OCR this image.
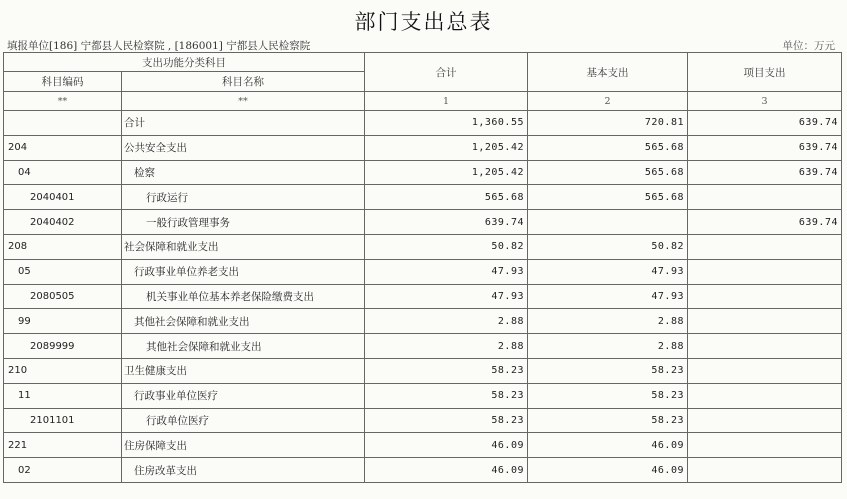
部门支出总表
填报单位[186] 宁都县人民检察院 , [186001] 宁都县人民检察院	单位：万元
支出功能分类科目		合计	基本支出	项目支出
科目编码	科目名称			
**	**	1	2	3
	合计	1,360.55	720.81	639.74
204	公共安全支出	1,205.42	565.68	639.74
04	检察	1,205.42	565.68	639.74
2040401	行政运行	565.68	565.68	
2040402	一般行政管理事务	639.74		639.74
208	社会保障和就业支出	50.82	50.82	
05	行政事业单位养老支出	47.93	47.93	
2080505	机关事业单位基本养老保险缴费支出	47.93	47.93	
99	其他社会保障和就业支出	2.88	2.88	
2089999	其他社会保障和就业支出	2.88	2.88	
210	卫生健康支出	58.23	58.23	
11	行政事业单位医疗	58.23	58.23	
2101101	行政单位医疗	58.23	58.23	
221	住房保障支出	46.09	46.09	
02	住房改革支出	46.09	46.09	
